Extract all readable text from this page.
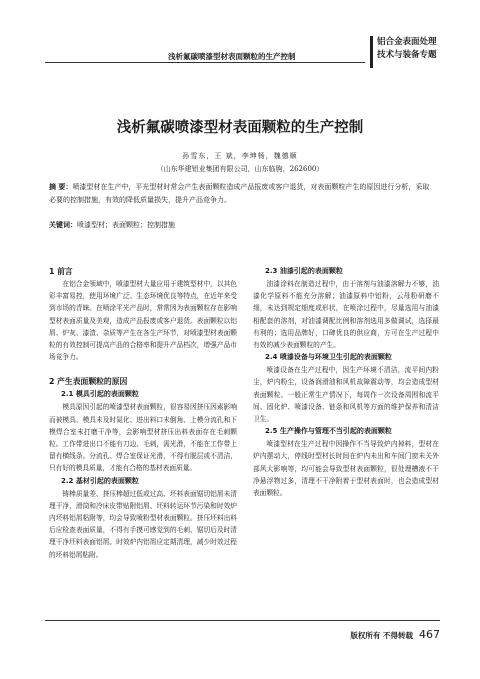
浅析氟碳喷漆型材表面颗粒的生产控制
铝合金表面处理
技术与装备专题
浅析氟碳喷漆型材表面颗粒的生产控制
孙雪东，王 斌，李坤杨，魏德顺
（山东华建铝业集团有限公司，山东临朐，262600）
摘 要：喷漆型材在生产中，平光型材时常会产生表面颗粒造成产品报废或客户退货，对表面颗粒产生的原因进行分析，采取必要的控制措施，有效的降低质量损失，提升产品竞争力。
关键词：喷漆型材；表面颗粒；控制措施
1 前言

在铝合金领域中，喷漆型材大量应用于建筑型材中，以其色彩丰富易控，使用环境广泛、生态环境优良等特点，在近年来受到市场的青睐。在喷涂平光产品时，常常因为表面颗粒存在影响型材表面质量及美观，造成产品报废或客户退货。表面颗粒以铝屑、炉灰、漆渣、杂质等产生在各生产环节，对喷漆型材表面颗粒的有效控制可提高产品的合格率和提升产品档次，增强产品市场竞争力。

2 产生表面颗粒的原因
2.1 模具引起的表面颗粒

模具原因引起的喷漆型材表面颗粒，很容易因挤压因素影响而被模具、模具未及时氮化、进出料口未倒角、上模分流孔和下模焊合室未打磨干净等，会影响型材挤压出料表面存在毛刺颗粒。工作带进出口不能有刀边、毛刺，需光滑，不能在工作带上留有横线条。分流孔、焊合室保证光滑，不得有脱层或不清洁，只有好的模具质量，才能有合格的基材表面质量。

2.2 基材引起的表面颗粒

铸棒质量差、挤压棒超过低或过高、坯料表面锯切铝屑未清理干净、滑筒和冷床皮带贴附铝屑、坯料转运环节污染和时效炉内坯料铝屑粘附等，均会导致喷粉型材表面颗粒。挤压坯料出料后应检查表面质量，不得有手摸可感觉到的毛刺、锯切后及时清理干净坯料表面铝屑。时效炉内铝屑应定期清理，减少时效过程的坯料铝屑粘附。

2.3 油漆引起的表面颗粒

油漆涂料在制造过程中，由于溶剂与油漆溶解力不够，油漆化学原料不能充分溶解；油漆原料中铝粉，云母粉研磨不细，未达到规定细度或形状，在喷涂过程中，尽量选用与油漆相配套的溶剂，对油漆调配比例和溶剂选用多做调试，选择最有利的；选用品牌好，口碑优良的供应商，方可在生产过程中有效的减少表面颗粒的产生。

2.4 喷漆设备与环境卫生引起的表面颗粒

喷漆设备在生产过程中，因生产环境不清洁，流平间内粉尘，炉内粉尘，设备润滑油和风机故障震动等，均会造成型材表面颗粒。一般正常生产情况下，每周作一次设备周围和流平间、固化炉、喷漆设备、链条和风机等方面的维护保养和清洁卫生。

2.5 生产操作与管理不当引起的表面颗粒

喷漆型材在生产过程中因操作不当导致炉内掉料，型材在炉内摆动大，停线时型材长时间在炉内未出和车间门窗未关外部风大影响等，均可能会导致型材表面颗粒，很处理槽液不干净悬浮物过多，清理不干净附着于型材表面时，也会造成型材表面颗粒。

版权所有 不得转载 467
